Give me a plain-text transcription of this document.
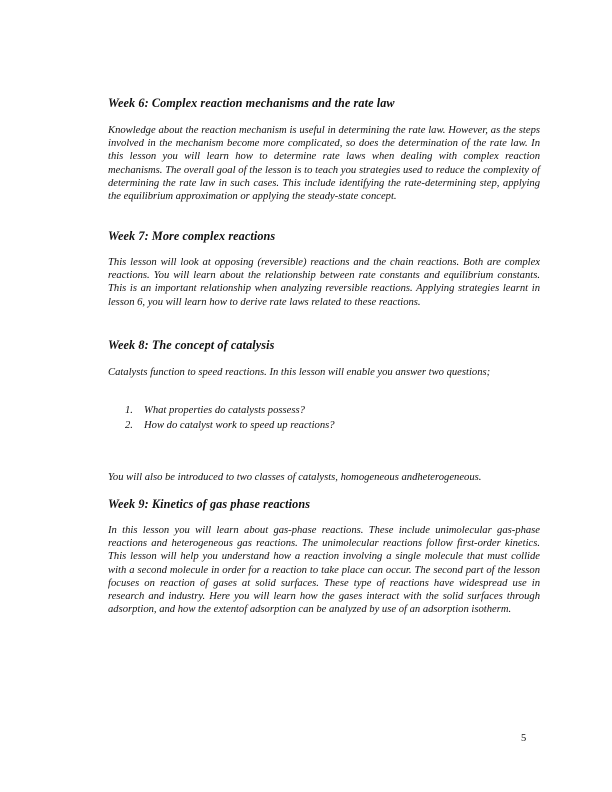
Week 6: Complex reaction mechanisms and the rate law

Knowledge about the reaction mechanism is useful in determining the rate law. However, as the steps involved in the mechanism become more complicated, so does the determination of the rate law. In this lesson you will learn how to determine rate laws when dealing with complex reaction mechanisms. The overall goal of the lesson is to teach you strategies used to reduce the complexity of determining the rate law in such cases. This include identifying the rate-determining step, applying the equilibrium approximation or applying the steady-state concept.

Week 7: More complex reactions

This lesson will look at opposing (reversible) reactions and the chain reactions. Both are complex reactions. You will learn about the relationship between rate constants and equilibrium constants. This is an important relationship when analyzing reversible reactions. Applying strategies learnt in lesson 6, you will learn how to derive rate laws related to these reactions.

Week 8: The concept of catalysis

Catalysts function to speed reactions. In this lesson will enable you answer two questions;

1. What properties do catalysts possess?
2. How do catalyst work to speed up reactions?

You will also be introduced to two classes of catalysts, homogeneous andheterogeneous.

Week 9: Kinetics of gas phase reactions

In this lesson you will learn about gas-phase reactions. These include unimolecular gas-phase reactions and heterogeneous gas reactions. The unimolecular reactions follow first-order kinetics. This lesson will help you understand how a reaction involving a single molecule that must collide with a second molecule in order for a reaction to take place can occur. The second part of the lesson focuses on reaction of gases at solid surfaces. These type of reactions have widespread use in research and industry. Here you will learn how the gases interact with the solid surfaces through adsorption, and how the extentof adsorption can be analyzed by use of an adsorption isotherm.

5
